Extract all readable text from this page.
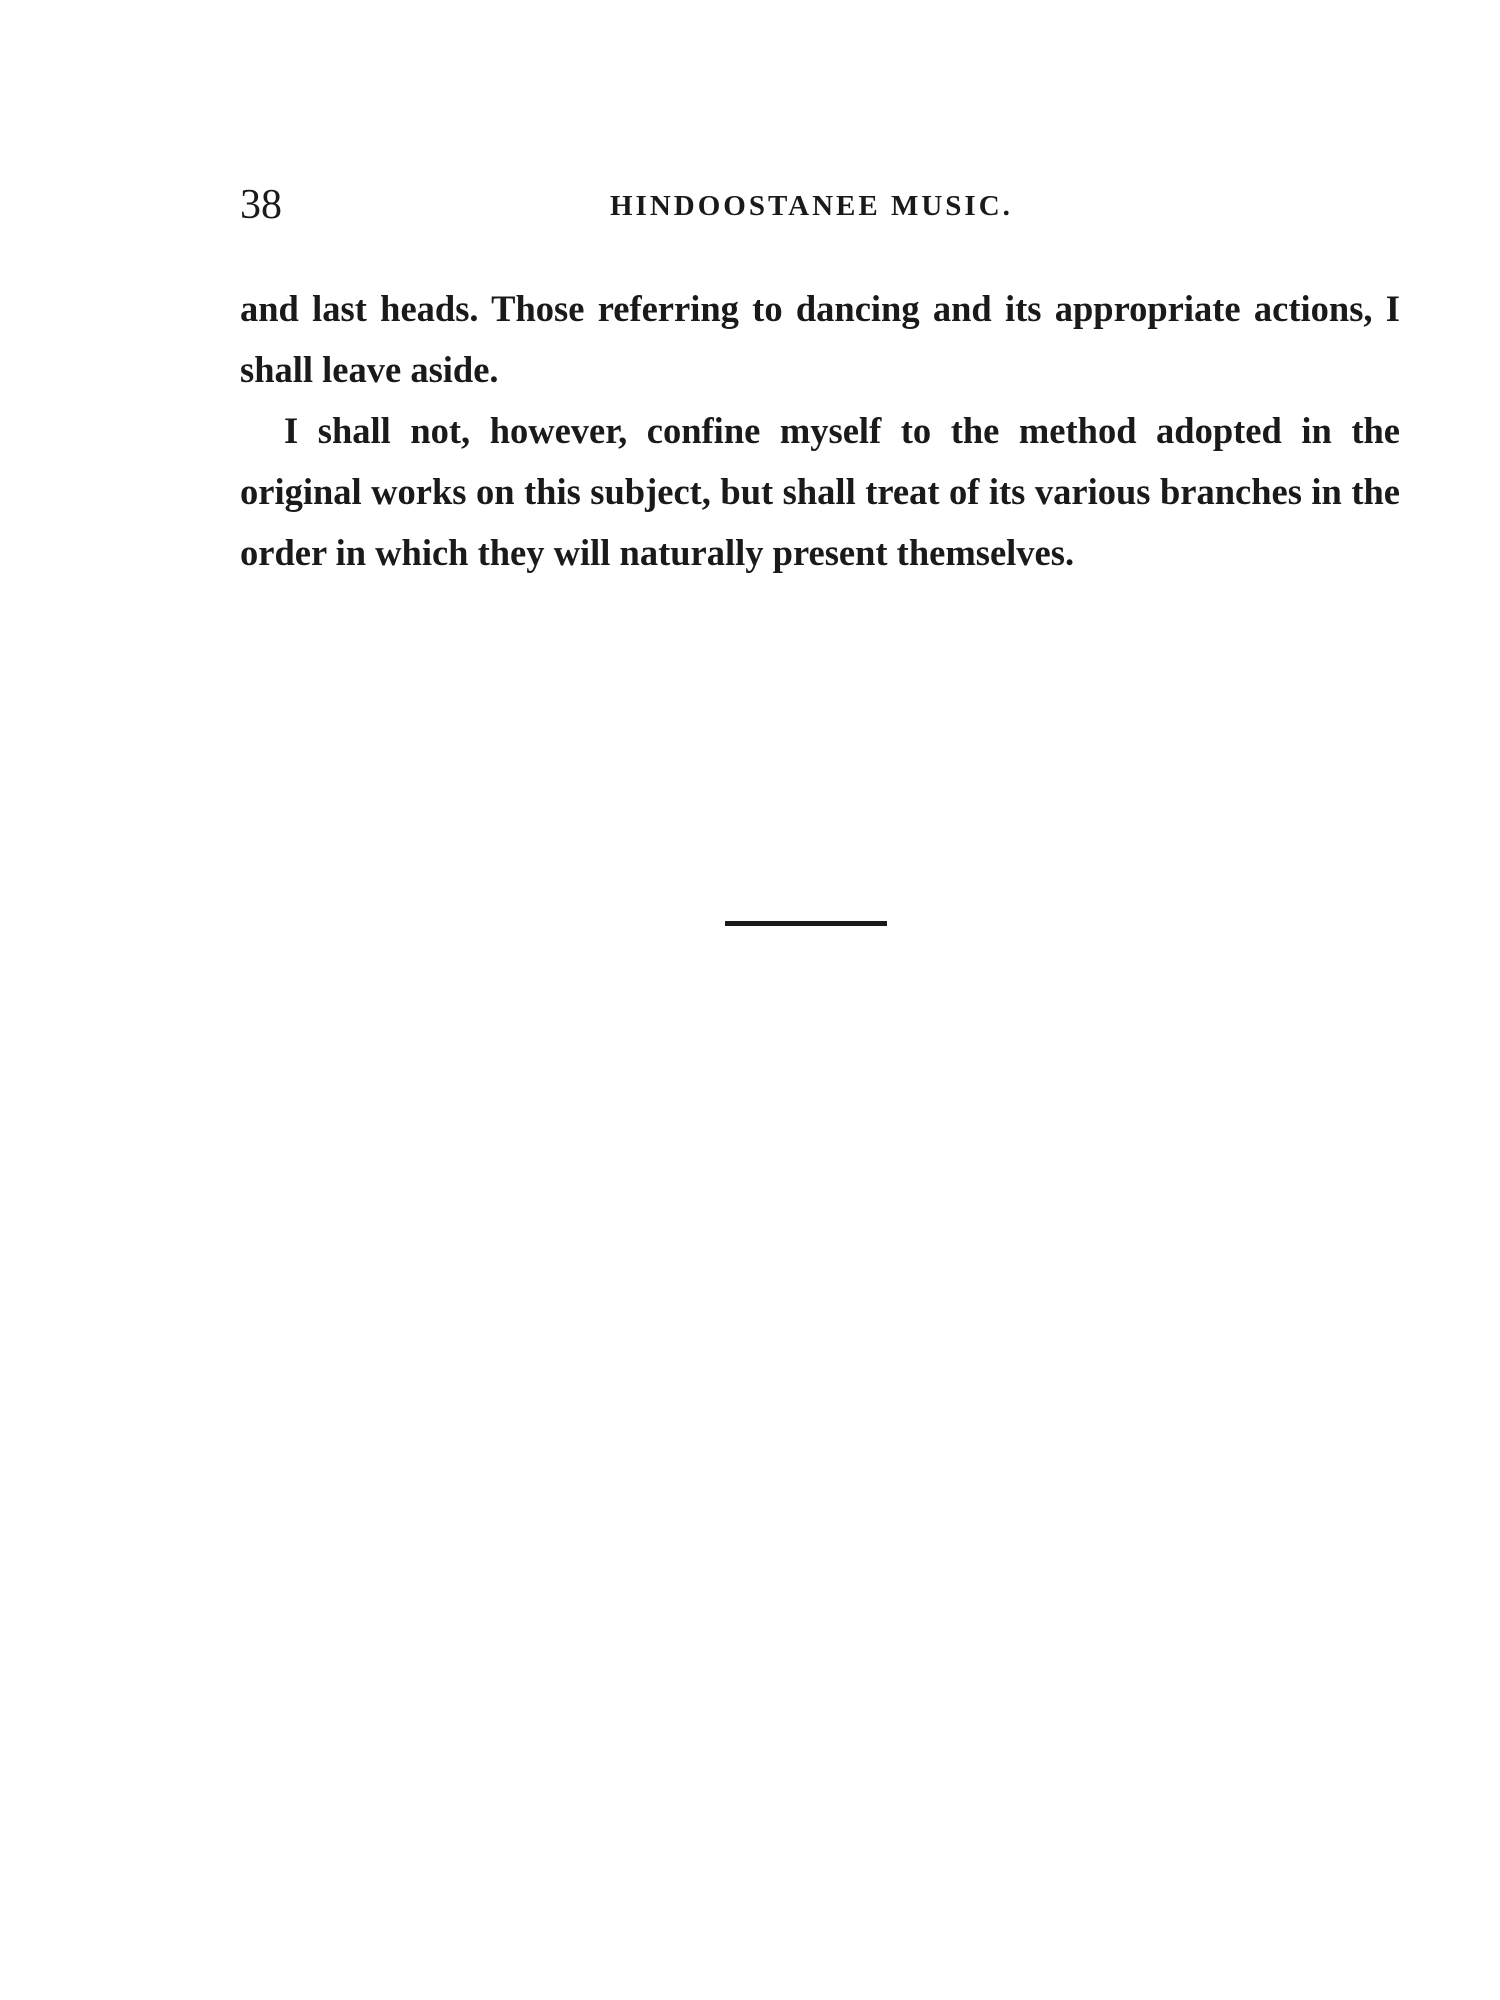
38	HINDOOSTANEE MUSIC.

and last heads. Those referring to dancing and its appropriate actions, I shall leave aside.

I shall not, however, confine myself to the method adopted in the original works on this subject, but shall treat of its various branches in the order in which they will naturally present themselves.
